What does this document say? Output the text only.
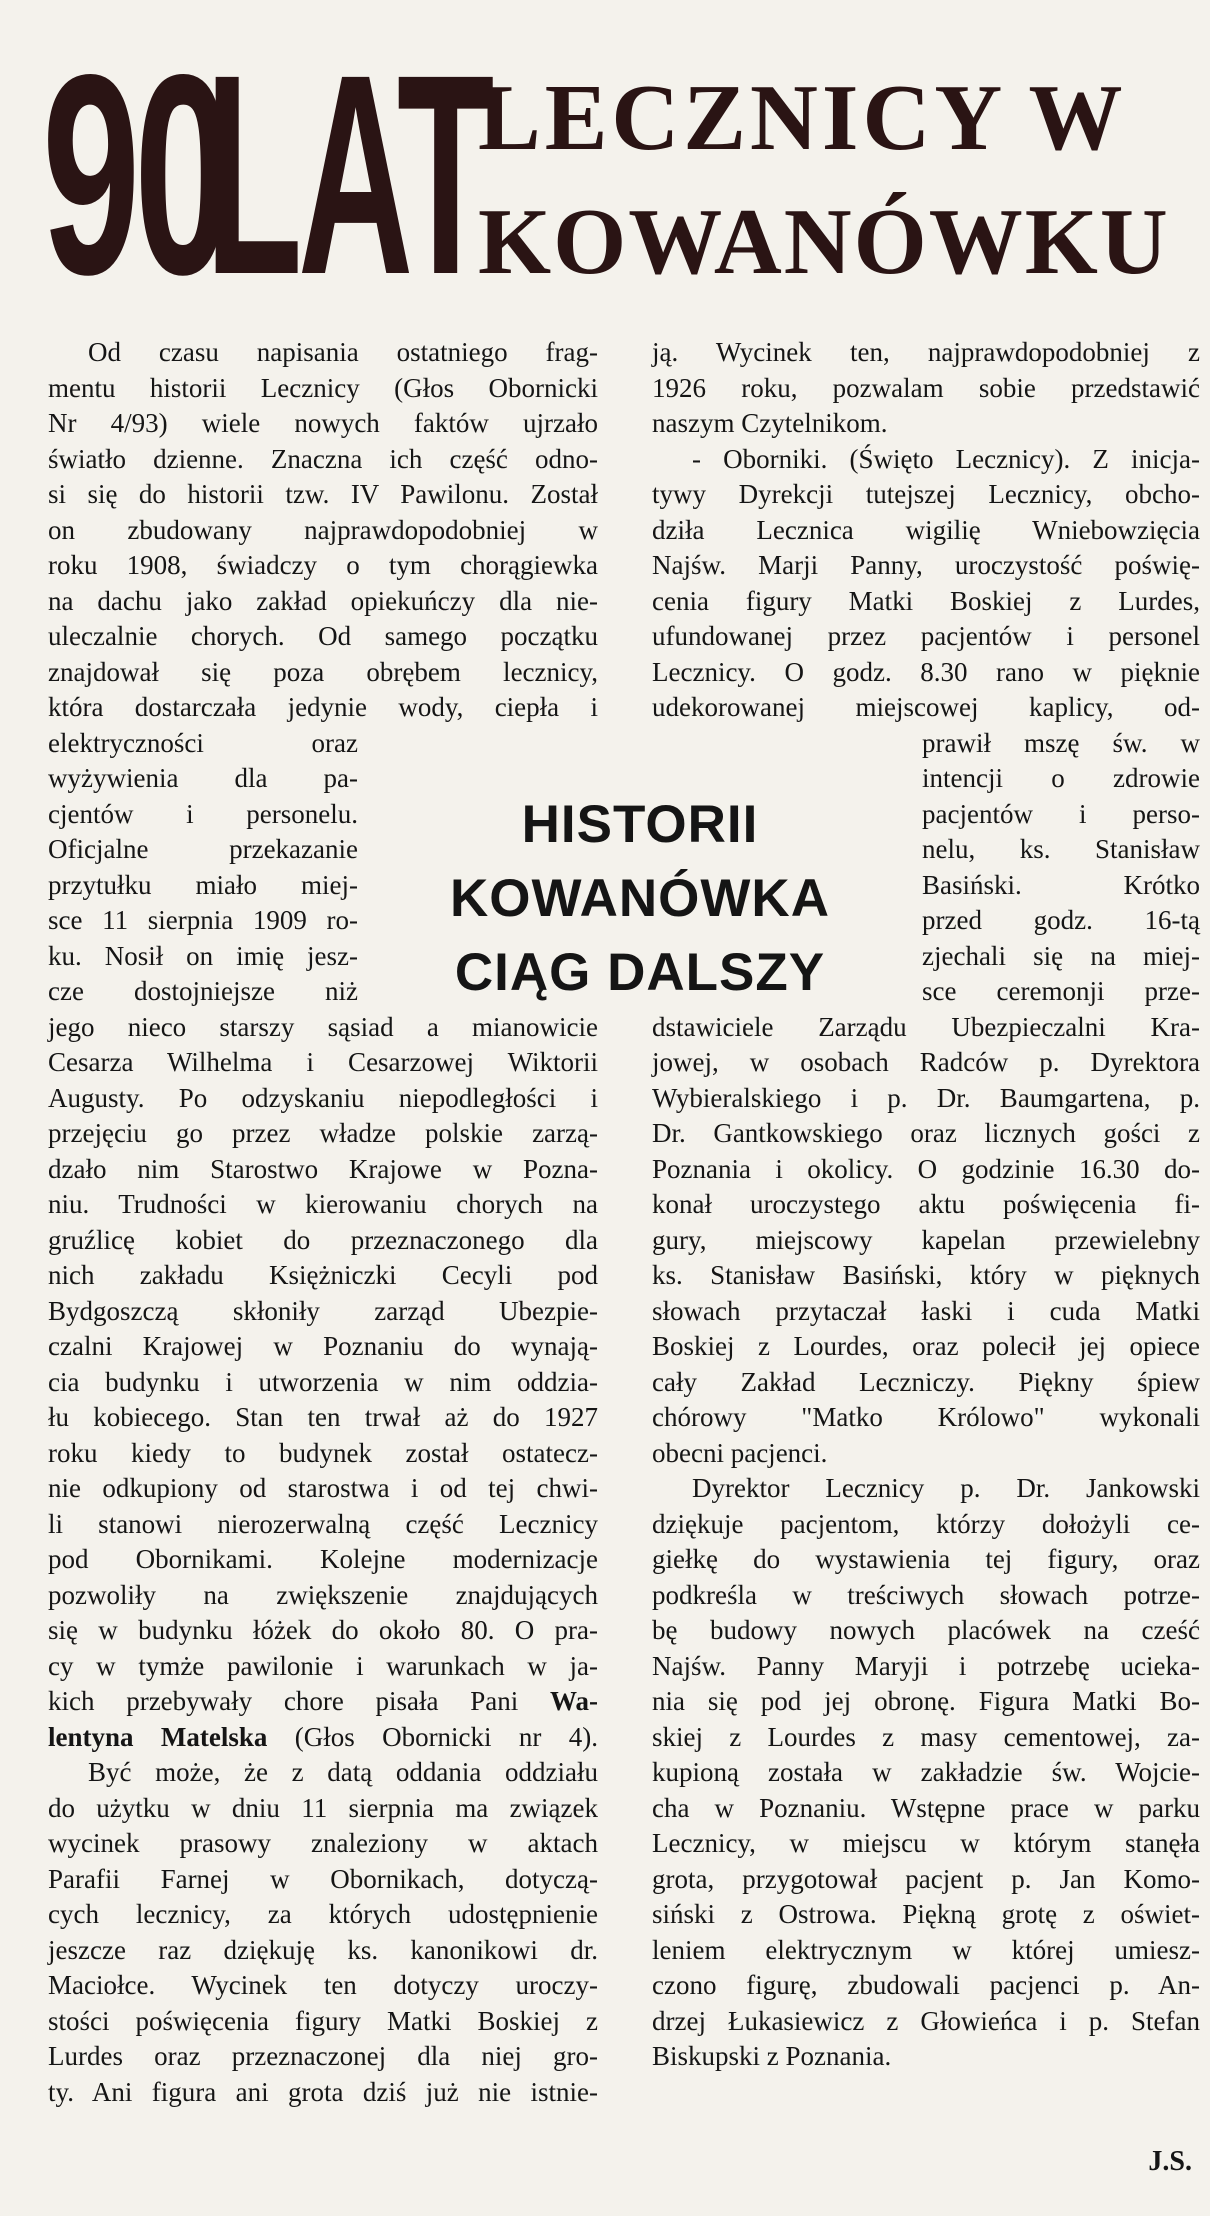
90
LAT
LECZNICY W
KOWANÓWKU
HISTORII
KOWANÓWKA
CIĄG DALSZY
Od czasu napisania ostatniego frag-
mentu historii Lecznicy (Głos Obornicki
Nr 4/93) wiele nowych faktów ujrzało
światło dzienne. Znaczna ich część odno-
si się do historii tzw. IV Pawilonu. Został
on zbudowany najprawdopodobniej w
roku 1908, świadczy o tym chorągiewka
na dachu jako zakład opiekuńczy dla nie-
uleczalnie chorych. Od samego początku
znajdował się poza obrębem lecznicy,
która dostarczała jedynie wody, ciepła i
elektryczności oraz
wyżywienia dla pa-
cjentów i personelu.
Oficjalne przekazanie
przytułku miało miej-
sce 11 sierpnia 1909 ro-
ku. Nosił on imię jesz-
cze dostojniejsze niż
jego nieco starszy sąsiad a mianowicie
Cesarza Wilhelma i Cesarzowej Wiktorii
Augusty. Po odzyskaniu niepodległości i
przejęciu go przez władze polskie zarzą-
dzało nim Starostwo Krajowe w Pozna-
niu. Trudności w kierowaniu chorych na
gruźlicę kobiet do przeznaczonego dla
nich zakładu Księżniczki Cecyli pod
Bydgoszczą skłoniły zarząd Ubezpie-
czalni Krajowej w Poznaniu do wynają-
cia budynku i utworzenia w nim oddzia-
łu kobiecego. Stan ten trwał aż do 1927
roku kiedy to budynek został ostatecz-
nie odkupiony od starostwa i od tej chwi-
li stanowi nierozerwalną część Lecznicy
pod Obornikami. Kolejne modernizacje
pozwoliły na zwiększenie znajdujących
się w budynku łóżek do około 80. O pra-
cy w tymże pawilonie i warunkach w ja-
kich przebywały chore pisała Pani Wa-
lentyna Matelska (Głos Obornicki nr 4).
Być może, że z datą oddania oddziału
do użytku w dniu 11 sierpnia ma związek
wycinek prasowy znaleziony w aktach
Parafii Farnej w Obornikach, dotyczą-
cych lecznicy, za których udostępnienie
jeszcze raz dziękuję ks. kanonikowi dr.
Maciołce. Wycinek ten dotyczy uroczy-
stości poświęcenia figury Matki Boskiej z
Lurdes oraz przeznaczonej dla niej gro-
ty. Ani figura ani grota dziś już nie istnie-
ją. Wycinek ten, najprawdopodobniej z
1926 roku, pozwalam sobie przedstawić
naszym Czytelnikom.
- Oborniki. (Święto Lecznicy). Z inicja-
tywy Dyrekcji tutejszej Lecznicy, obcho-
dziła Lecznica wigilię Wniebowzięcia
Najśw. Marji Panny, uroczystość poświę-
cenia figury Matki Boskiej z Lurdes,
ufundowanej przez pacjentów i personel
Lecznicy. O godz. 8.30 rano w pięknie
udekorowanej miejscowej kaplicy, od-
prawił mszę św. w
intencji o zdrowie
pacjentów i perso-
nelu, ks. Stanisław
Basiński. Krótko
przed godz. 16-tą
zjechali się na miej-
sce ceremonji prze-
dstawiciele Zarządu Ubezpieczalni Kra-
jowej, w osobach Radców p. Dyrektora
Wybieralskiego i p. Dr. Baumgartena, p.
Dr. Gantkowskiego oraz licznych gości z
Poznania i okolicy. O godzinie 16.30 do-
konał uroczystego aktu poświęcenia fi-
gury, miejscowy kapelan przewielebny
ks. Stanisław Basiński, który w pięknych
słowach przytaczał łaski i cuda Matki
Boskiej z Lourdes, oraz polecił jej opiece
cały Zakład Leczniczy. Piękny śpiew
chórowy "Matko Królowo" wykonali
obecni pacjenci.
Dyrektor Lecznicy p. Dr. Jankowski
dziękuje pacjentom, którzy dołożyli ce-
giełkę do wystawienia tej figury, oraz
podkreśla w treściwych słowach potrze-
bę budowy nowych placówek na cześć
Najśw. Panny Maryji i potrzebę ucieka-
nia się pod jej obronę. Figura Matki Bo-
skiej z Lourdes z masy cementowej, za-
kupioną została w zakładzie św. Wojcie-
cha w Poznaniu. Wstępne prace w parku
Lecznicy, w miejscu w którym stanęła
grota, przygotował pacjent p. Jan Komo-
siński z Ostrowa. Piękną grotę z oświet-
leniem elektrycznym w której umiesz-
czono figurę, zbudowali pacjenci p. An-
drzej Łukasiewicz z Głowieńca i p. Stefan
Biskupski z Poznania.
J.S.
